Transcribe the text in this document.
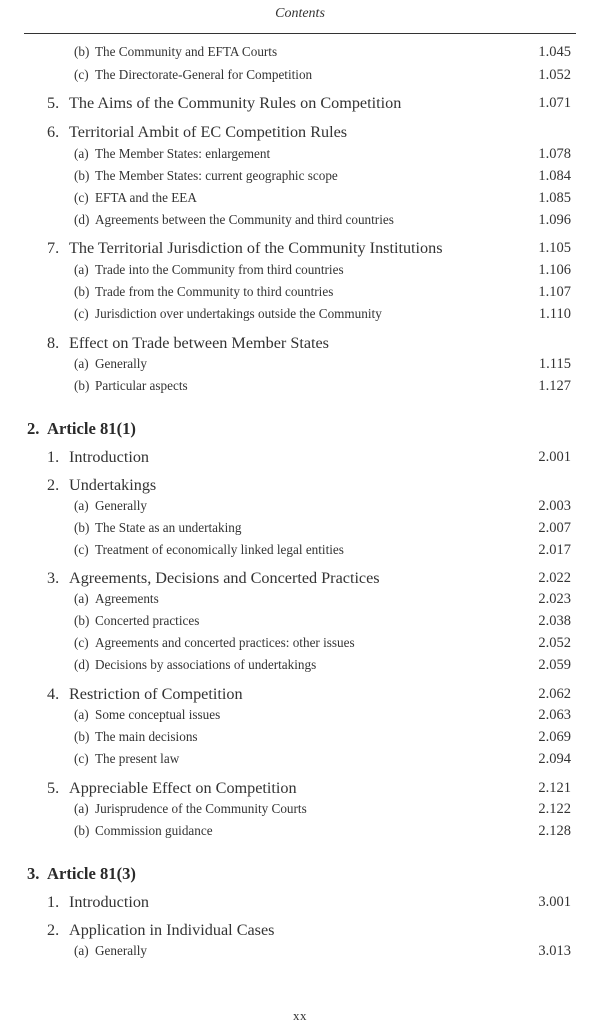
Contents
(b) The Community and EFTA Courts	1.045
(c) The Directorate-General for Competition	1.052
5. The Aims of the Community Rules on Competition	1.071
6. Territorial Ambit of EC Competition Rules
(a) The Member States: enlargement	1.078
(b) The Member States: current geographic scope	1.084
(c) EFTA and the EEA	1.085
(d) Agreements between the Community and third countries	1.096
7. The Territorial Jurisdiction of the Community Institutions	1.105
(a) Trade into the Community from third countries	1.106
(b) Trade from the Community to third countries	1.107
(c) Jurisdiction over undertakings outside the Community	1.110
8. Effect on Trade between Member States
(a) Generally	1.115
(b) Particular aspects	1.127
2. Article 81(1)
1. Introduction	2.001
2. Undertakings
(a) Generally	2.003
(b) The State as an undertaking	2.007
(c) Treatment of economically linked legal entities	2.017
3. Agreements, Decisions and Concerted Practices	2.022
(a) Agreements	2.023
(b) Concerted practices	2.038
(c) Agreements and concerted practices: other issues	2.052
(d) Decisions by associations of undertakings	2.059
4. Restriction of Competition	2.062
(a) Some conceptual issues	2.063
(b) The main decisions	2.069
(c) The present law	2.094
5. Appreciable Effect on Competition	2.121
(a) Jurisprudence of the Community Courts	2.122
(b) Commission guidance	2.128
3. Article 81(3)
1. Introduction	3.001
2. Application in Individual Cases
(a) Generally	3.013
xx
